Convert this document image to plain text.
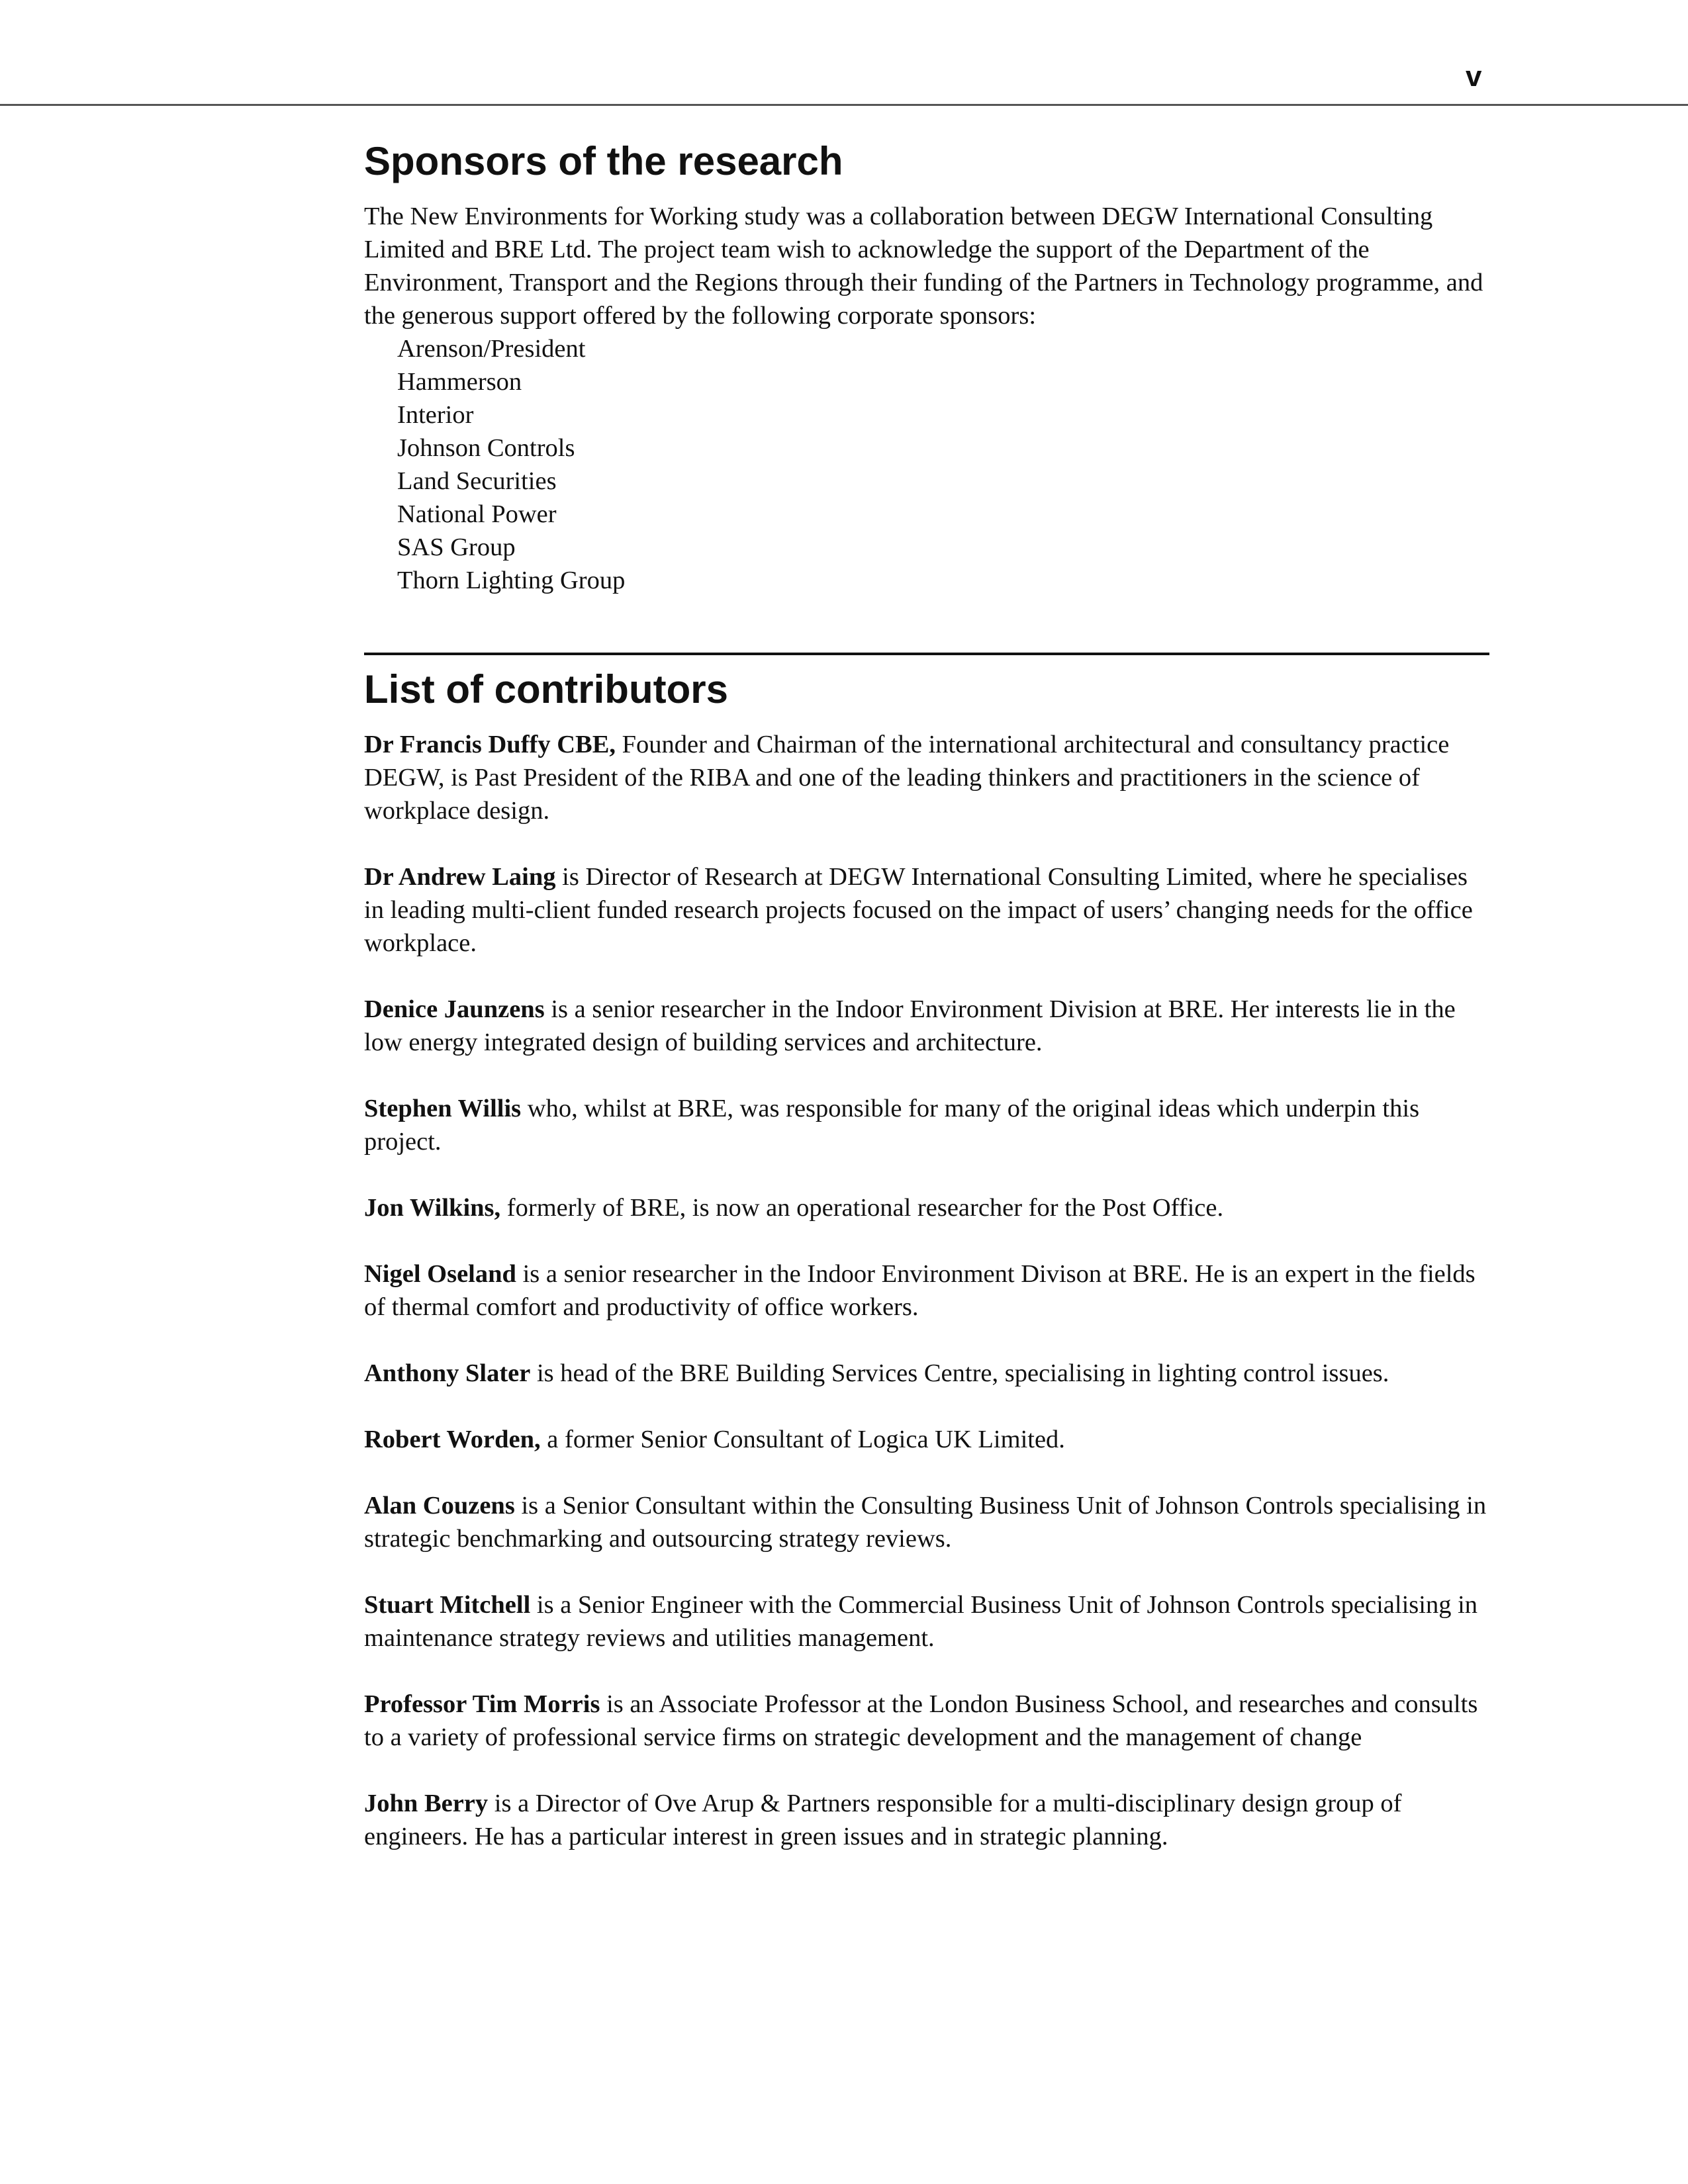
v
Sponsors of the research

The New Environments for Working study was a collaboration between DEGW International Consulting Limited and BRE Ltd. The project team wish to acknowledge the support of the Department of the Environment, Transport and the Regions through their funding of the Partners in Technology programme, and the generous support offered by the following corporate sponsors:

Arenson/President
Hammerson
Interior
Johnson Controls
Land Securities
National Power
SAS Group
Thorn Lighting Group
List of contributors

Dr Francis Duffy CBE, Founder and Chairman of the international architectural and consultancy practice DEGW, is Past President of the RIBA and one of the leading thinkers and practitioners in the science of workplace design.

Dr Andrew Laing is Director of Research at DEGW International Consulting Limited, where he specialises in leading multi-client funded research projects focused on the impact of users’ changing needs for the office workplace.

Denice Jaunzens is a senior researcher in the Indoor Environment Division at BRE. Her interests lie in the low energy integrated design of building services and architecture.

Stephen Willis who, whilst at BRE, was responsible for many of the original ideas which underpin this project.

Jon Wilkins, formerly of BRE, is now an operational researcher for the Post Office.

Nigel Oseland is a senior researcher in the Indoor Environment Divison at BRE. He is an expert in the fields of thermal comfort and productivity of office workers.

Anthony Slater is head of the BRE Building Services Centre, specialising in lighting control issues.

Robert Worden, a former Senior Consultant of Logica UK Limited.

Alan Couzens is a Senior Consultant within the Consulting Business Unit of Johnson Controls specialising in strategic benchmarking and outsourcing strategy reviews.

Stuart Mitchell is a Senior Engineer with the Commercial Business Unit of Johnson Controls specialising in maintenance strategy reviews and utilities management.

Professor Tim Morris is an Associate Professor at the London Business School, and researches and consults to a variety of professional service firms on strategic development and the management of change

John Berry is a Director of Ove Arup & Partners responsible for a multi-disciplinary design group of engineers. He has a particular interest in green issues and in strategic planning.
